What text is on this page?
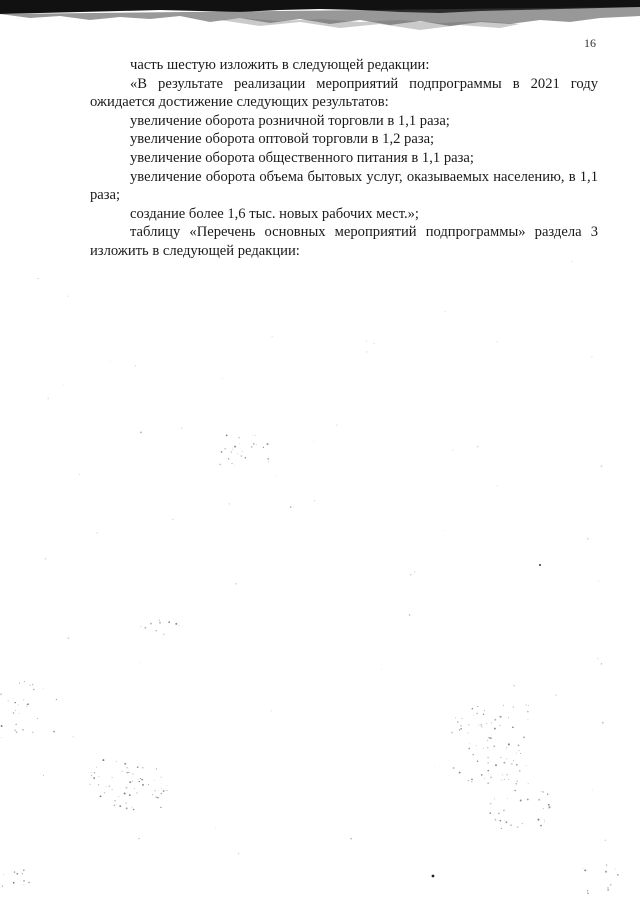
16

часть шестую изложить в следующей редакции:

«В результате реализации мероприятий подпрограммы в 2021 году ожидается достижение следующих результатов:

увеличение оборота розничной торговли в 1,1 раза;

увеличение оборота оптовой торговли в 1,2 раза;

увеличение оборота общественного питания в 1,1 раза;

увеличение оборота объема бытовых услуг, оказываемых населению, в 1,1 раза;

создание более 1,6 тыс. новых рабочих мест.»;

таблицу «Перечень основных мероприятий подпрограммы» раздела 3 изложить в следующей редакции:
